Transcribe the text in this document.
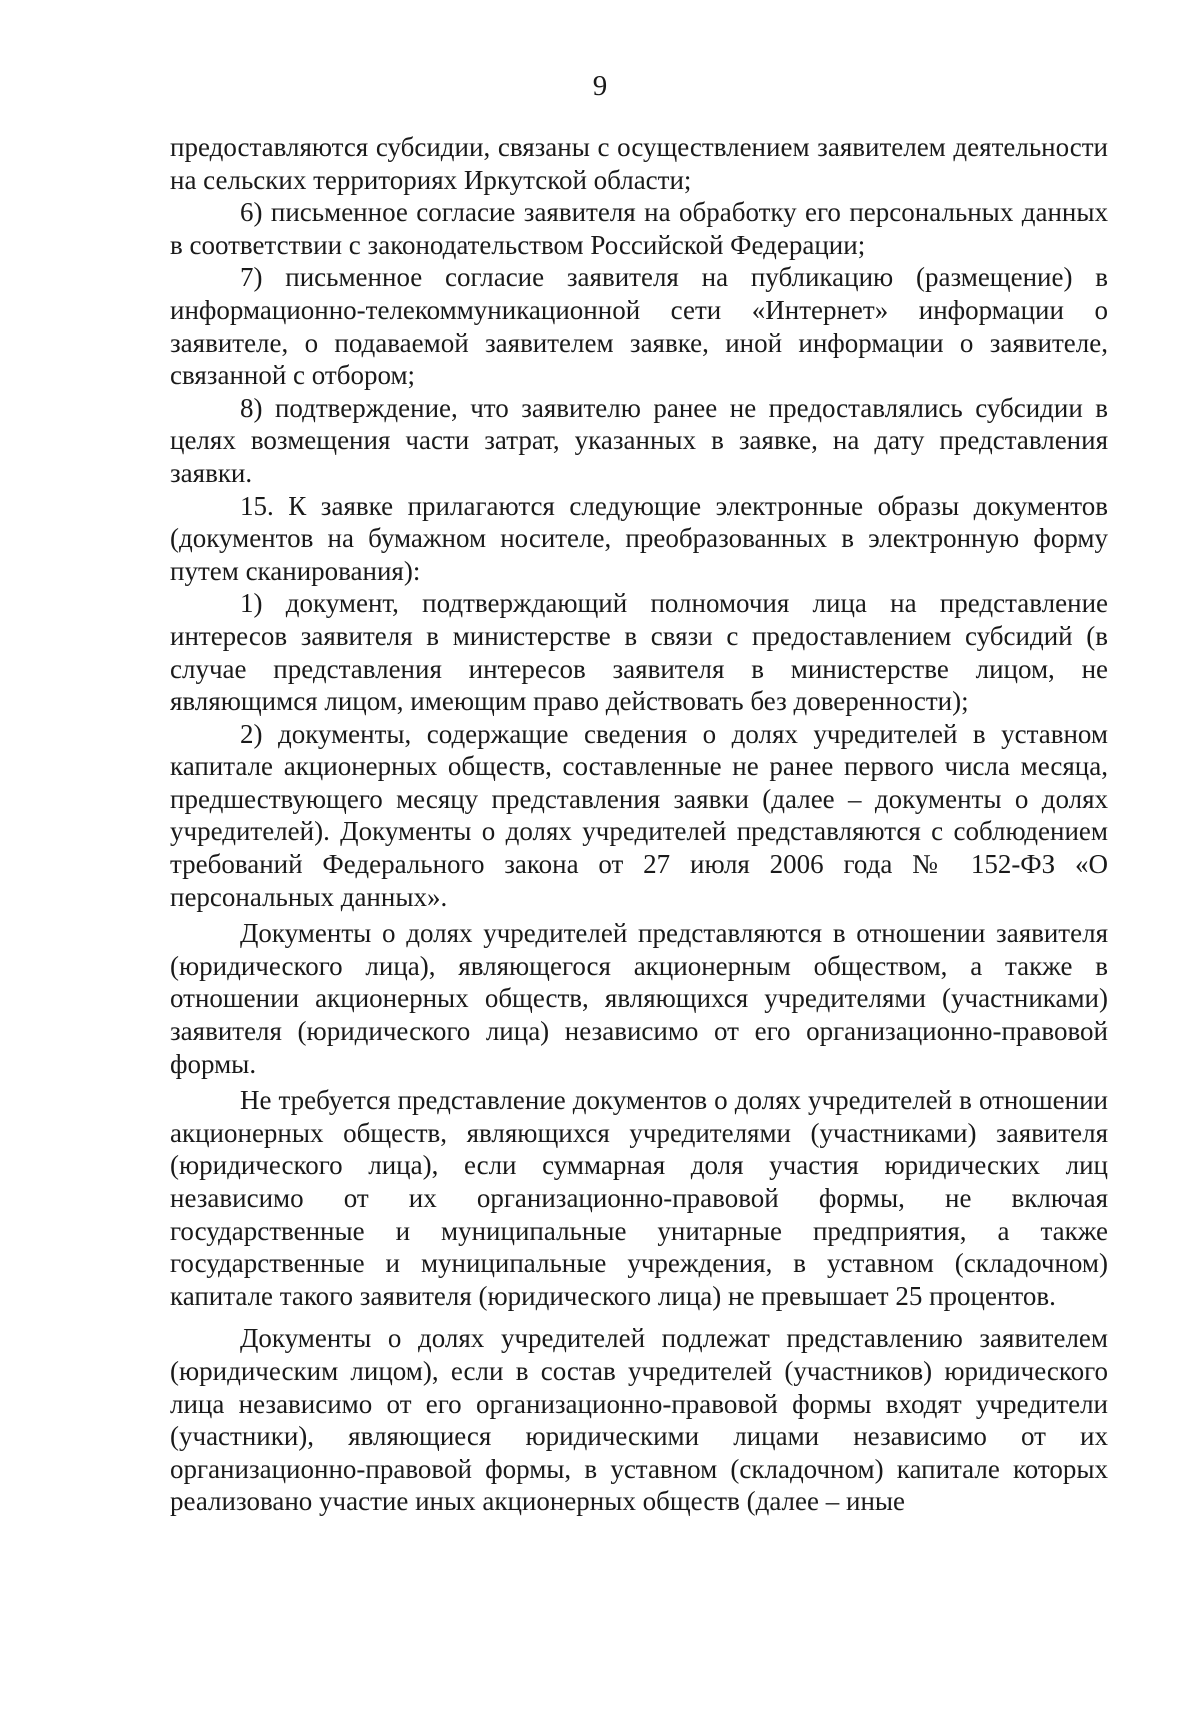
9

предоставляются субсидии, связаны с осуществлением заявителем деятельности на сельских территориях Иркутской области;

6) письменное согласие заявителя на обработку его персональных данных в соответствии с законодательством Российской Федерации;

7) письменное согласие заявителя на публикацию (размещение) в информационно-телекоммуникационной сети «Интернет» информации о заявителе, о подаваемой заявителем заявке, иной информации о заявителе, связанной с отбором;

8) подтверждение, что заявителю ранее не предоставлялись субсидии в целях возмещения части затрат, указанных в заявке, на дату представления заявки.

15. К заявке прилагаются следующие электронные образы документов (документов на бумажном носителе, преобразованных в электронную форму путем сканирования):

1) документ, подтверждающий полномочия лица на представление интересов заявителя в министерстве в связи с предоставлением субсидий (в случае представления интересов заявителя в министерстве лицом, не являющимся лицом, имеющим право действовать без доверенности);

2) документы, содержащие сведения о долях учредителей в уставном капитале акционерных обществ, составленные не ранее первого числа месяца, предшествующего месяцу представления заявки (далее – документы о долях учредителей). Документы о долях учредителей представляются с соблюдением требований Федерального закона от 27 июля 2006 года № 152-ФЗ «О персональных данных».

Документы о долях учредителей представляются в отношении заявителя (юридического лица), являющегося акционерным обществом, а также в отношении акционерных обществ, являющихся учредителями (участниками) заявителя (юридического лица) независимо от его организационно-правовой формы.

Не требуется представление документов о долях учредителей в отношении акционерных обществ, являющихся учредителями (участниками) заявителя (юридического лица), если суммарная доля участия юридических лиц независимо от их организационно-правовой формы, не включая государственные и муниципальные унитарные предприятия, а также государственные и муниципальные учреждения, в уставном (складочном) капитале такого заявителя (юридического лица) не превышает 25 процентов.

Документы о долях учредителей подлежат представлению заявителем (юридическим лицом), если в состав учредителей (участников) юридического лица независимо от его организационно-правовой формы входят учредители (участники), являющиеся юридическими лицами независимо от их организационно-правовой формы, в уставном (складочном) капитале которых реализовано участие иных акционерных обществ (далее – иные
